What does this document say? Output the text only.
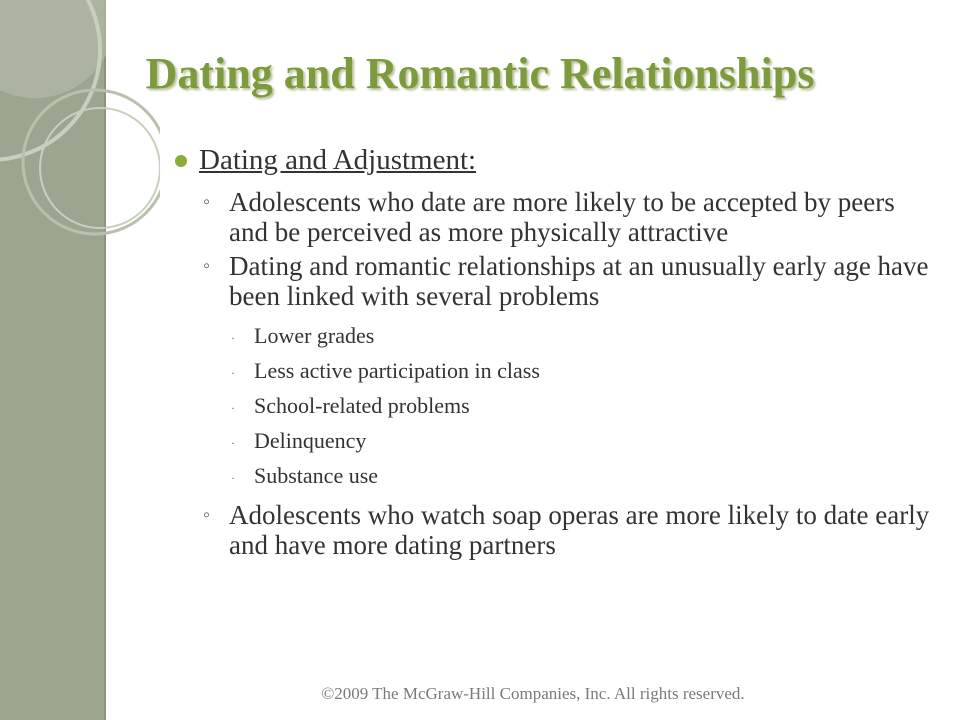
Dating and Romantic Relationships
Dating and Adjustment:
◦ Adolescents who date are more likely to be accepted by peers and be perceived as more physically attractive
◦ Dating and romantic relationships at an unusually early age have been linked with several problems
· Lower grades
· Less active participation in class
· School-related problems
· Delinquency
· Substance use
◦ Adolescents who watch soap operas are more likely to date early and have more dating partners
©2009 The McGraw-Hill Companies, Inc. All rights reserved.
